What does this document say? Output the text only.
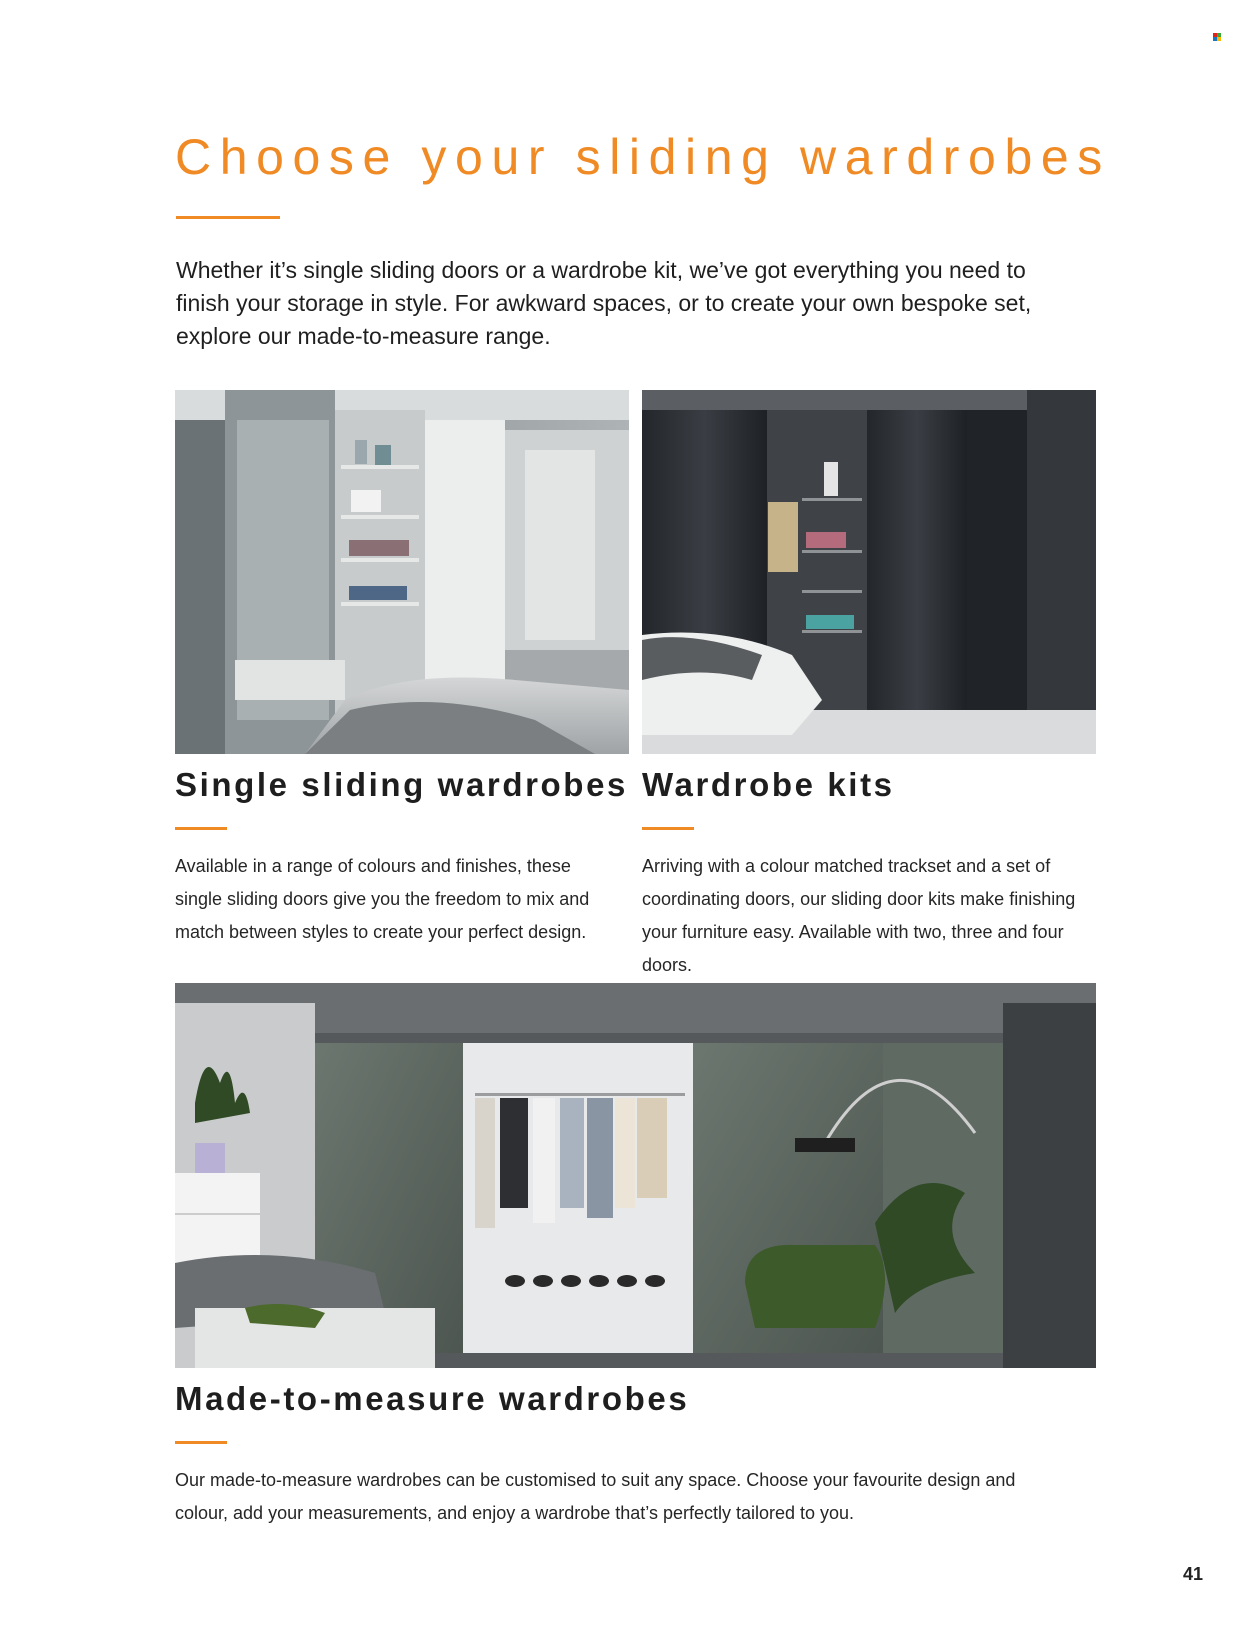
Choose your sliding wardrobes

Whether it’s single sliding doors or a wardrobe kit, we’ve got everything you need to finish your storage in style. For awkward spaces, or to create your own bespoke set, explore our made-to-measure range.

Single sliding wardrobes

Available in a range of colours and finishes, these single sliding doors give you the freedom to mix and match between styles to create your perfect design.

Wardrobe kits

Arriving with a colour matched trackset and a set of coordinating doors, our sliding door kits make finishing your furniture easy. Available with two, three and four doors.

Made-to-measure wardrobes

Our made-to-measure wardrobes can be customised to suit any space. Choose your favourite design and colour, add your measurements, and enjoy a wardrobe that’s perfectly tailored to you.

41
